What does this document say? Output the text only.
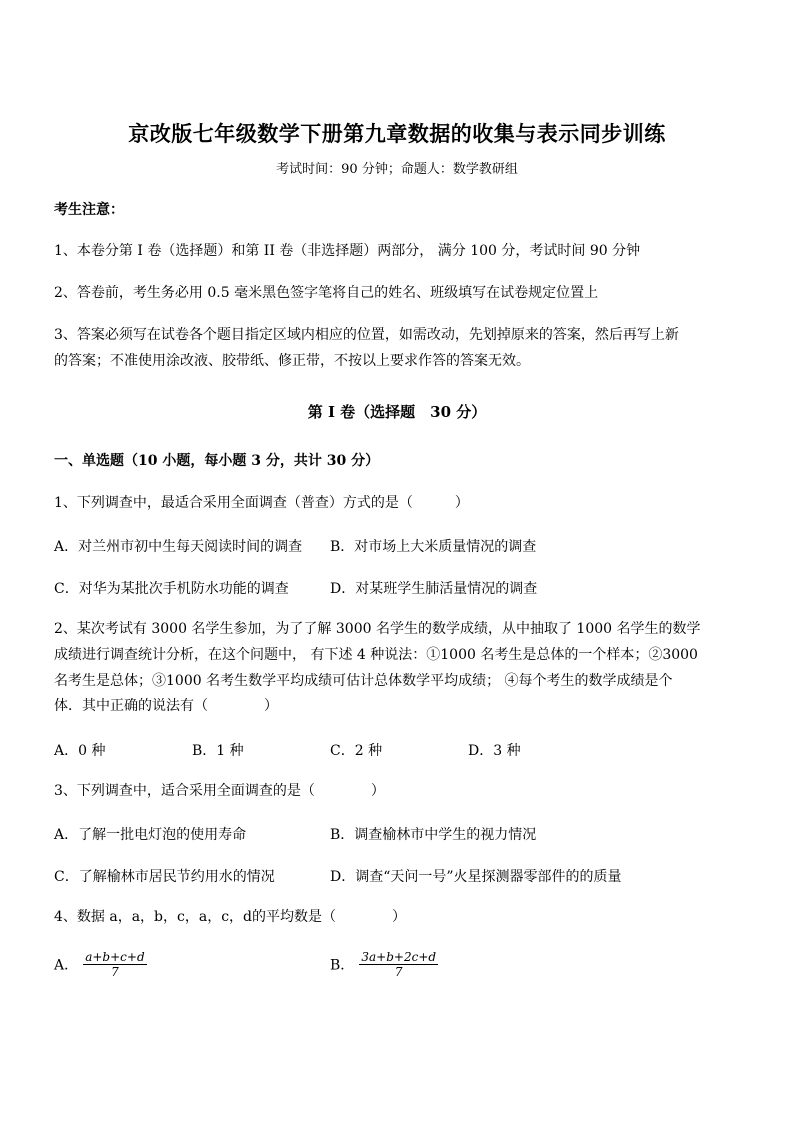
京改版七年级数学下册第九章数据的收集与表示同步训练
考试时间：90 分钟；命题人：数学教研组
考生注意：
1、本卷分第 I 卷（选择题）和第 II 卷（非选择题）两部分， 满分 100 分，考试时间 90 分钟
2、答卷前，考生务必用 0.5 毫米黑色签字笔将自己的姓名、班级填写在试卷规定位置上
3、答案必须写在试卷各个题目指定区域内相应的位置，如需改动，先划掉原来的答案，然后再写上新
的答案；不准使用涂改液、胶带纸、修正带，不按以上要求作答的答案无效。
第 I 卷（选择题　30 分）
一、单选题（10 小题，每小题 3 分，共计 30 分）
1、下列调查中，最适合采用全面调查（普查）方式的是（　　　）
A．对兰州市初中生每天阅读时间的调查 B．对市场上大米质量情况的调查
C．对华为某批次手机防水功能的调查	D．对某班学生肺活量情况的调查
2、某次考试有 3000 名学生参加，为了了解 3000 名学生的数学成绩，从中抽取了 1000 名学生的数学
成绩进行调查统计分析，在这个问题中， 有下述 4 种说法：①1000 名考生是总体的一个样本；②3000
名考生是总体；③1000 名考生数学平均成绩可估计总体数学平均成绩； ④每个考生的数学成绩是个
体．其中正确的说法有（　　　　）
A．0 种	B．1 种	C．2 种	D．3 种
3、下列调查中，适合采用全面调查的是（　　　　）
A．了解一批电灯泡的使用寿命	B．调查榆林市中学生的视力情况
C．了解榆林市居民节约用水的情况	D．调查“天问一号”火星探测器零部件的的质量
4、数据 a，a，b，c，a，c，d的平均数是（　　　　）
A． $\frac{a+b+c+d}{7}$	B． $\frac{3a+b+2c+d}{7}$
